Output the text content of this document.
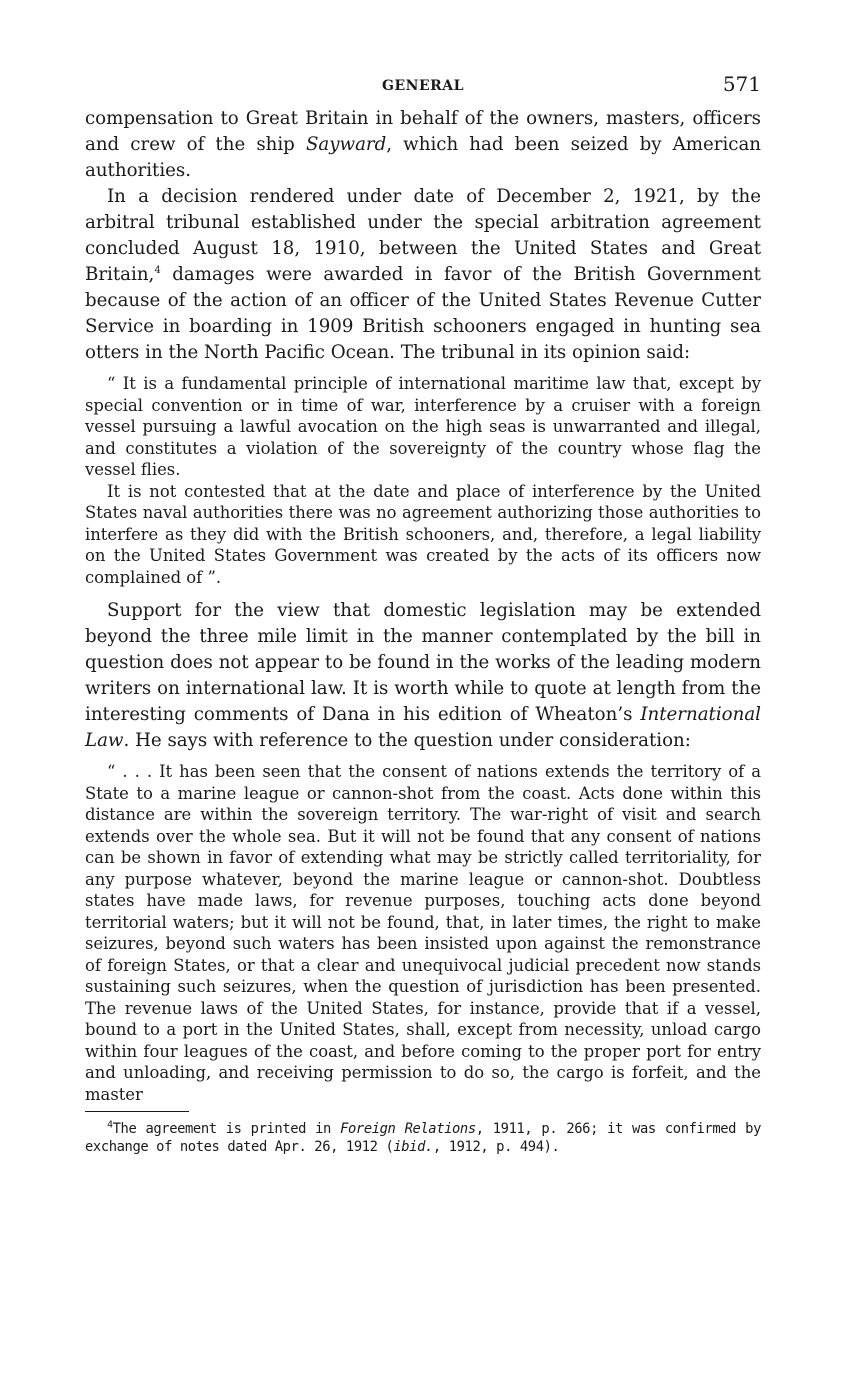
GENERAL	571

compensation to Great Britain in behalf of the owners, masters, officers and crew of the ship Sayward, which had been seized by American authorities.

In a decision rendered under date of December 2, 1921, by the arbitral tribunal established under the special arbitration agreement concluded August 18, 1910, between the United States and Great Britain,$^4$ damages were awarded in favor of the British Government because of the action of an officer of the United States Revenue Cutter Service in boarding in 1909 British schooners engaged in hunting sea otters in the North Pacific Ocean. The tribunal in its opinion said:

“ It is a fundamental principle of international maritime law that, except by special convention or in time of war, interference by a cruiser with a foreign vessel pursuing a lawful avocation on the high seas is unwarranted and illegal, and constitutes a violation of the sovereignty of the country whose flag the vessel flies.

It is not contested that at the date and place of interference by the United States naval authorities there was no agreement authorizing those authorities to interfere as they did with the British schooners, and, therefore, a legal liability on the United States Government was created by the acts of its officers now complained of ”.

Support for the view that domestic legislation may be extended beyond the three mile limit in the manner contemplated by the bill in question does not appear to be found in the works of the leading modern writers on international law. It is worth while to quote at length from the interesting comments of Dana in his edition of Wheaton’s International Law. He says with reference to the question under consideration:

“ . . . It has been seen that the consent of nations extends the territory of a State to a marine league or cannon-shot from the coast. Acts done within this distance are within the sovereign territory. The war-right of visit and search extends over the whole sea. But it will not be found that any consent of nations can be shown in favor of extending what may be strictly called territoriality, for any purpose whatever, beyond the marine league or cannon-shot. Doubtless states have made laws, for revenue purposes, touching acts done beyond territorial waters; but it will not be found, that, in later times, the right to make seizures, beyond such waters has been insisted upon against the remonstrance of foreign States, or that a clear and unequivocal judicial precedent now stands sustaining such seizures, when the question of jurisdiction has been presented. The revenue laws of the United States, for instance, provide that if a vessel, bound to a port in the United States, shall, except from necessity, unload cargo within four leagues of the coast, and before coming to the proper port for entry and unloading, and receiving permission to do so, the cargo is forfeit, and the master

$^4$The agreement is printed in Foreign Relations, 1911, p. 266; it was confirmed by exchange of notes dated Apr. 26, 1912 (ibid., 1912, p. 494).
